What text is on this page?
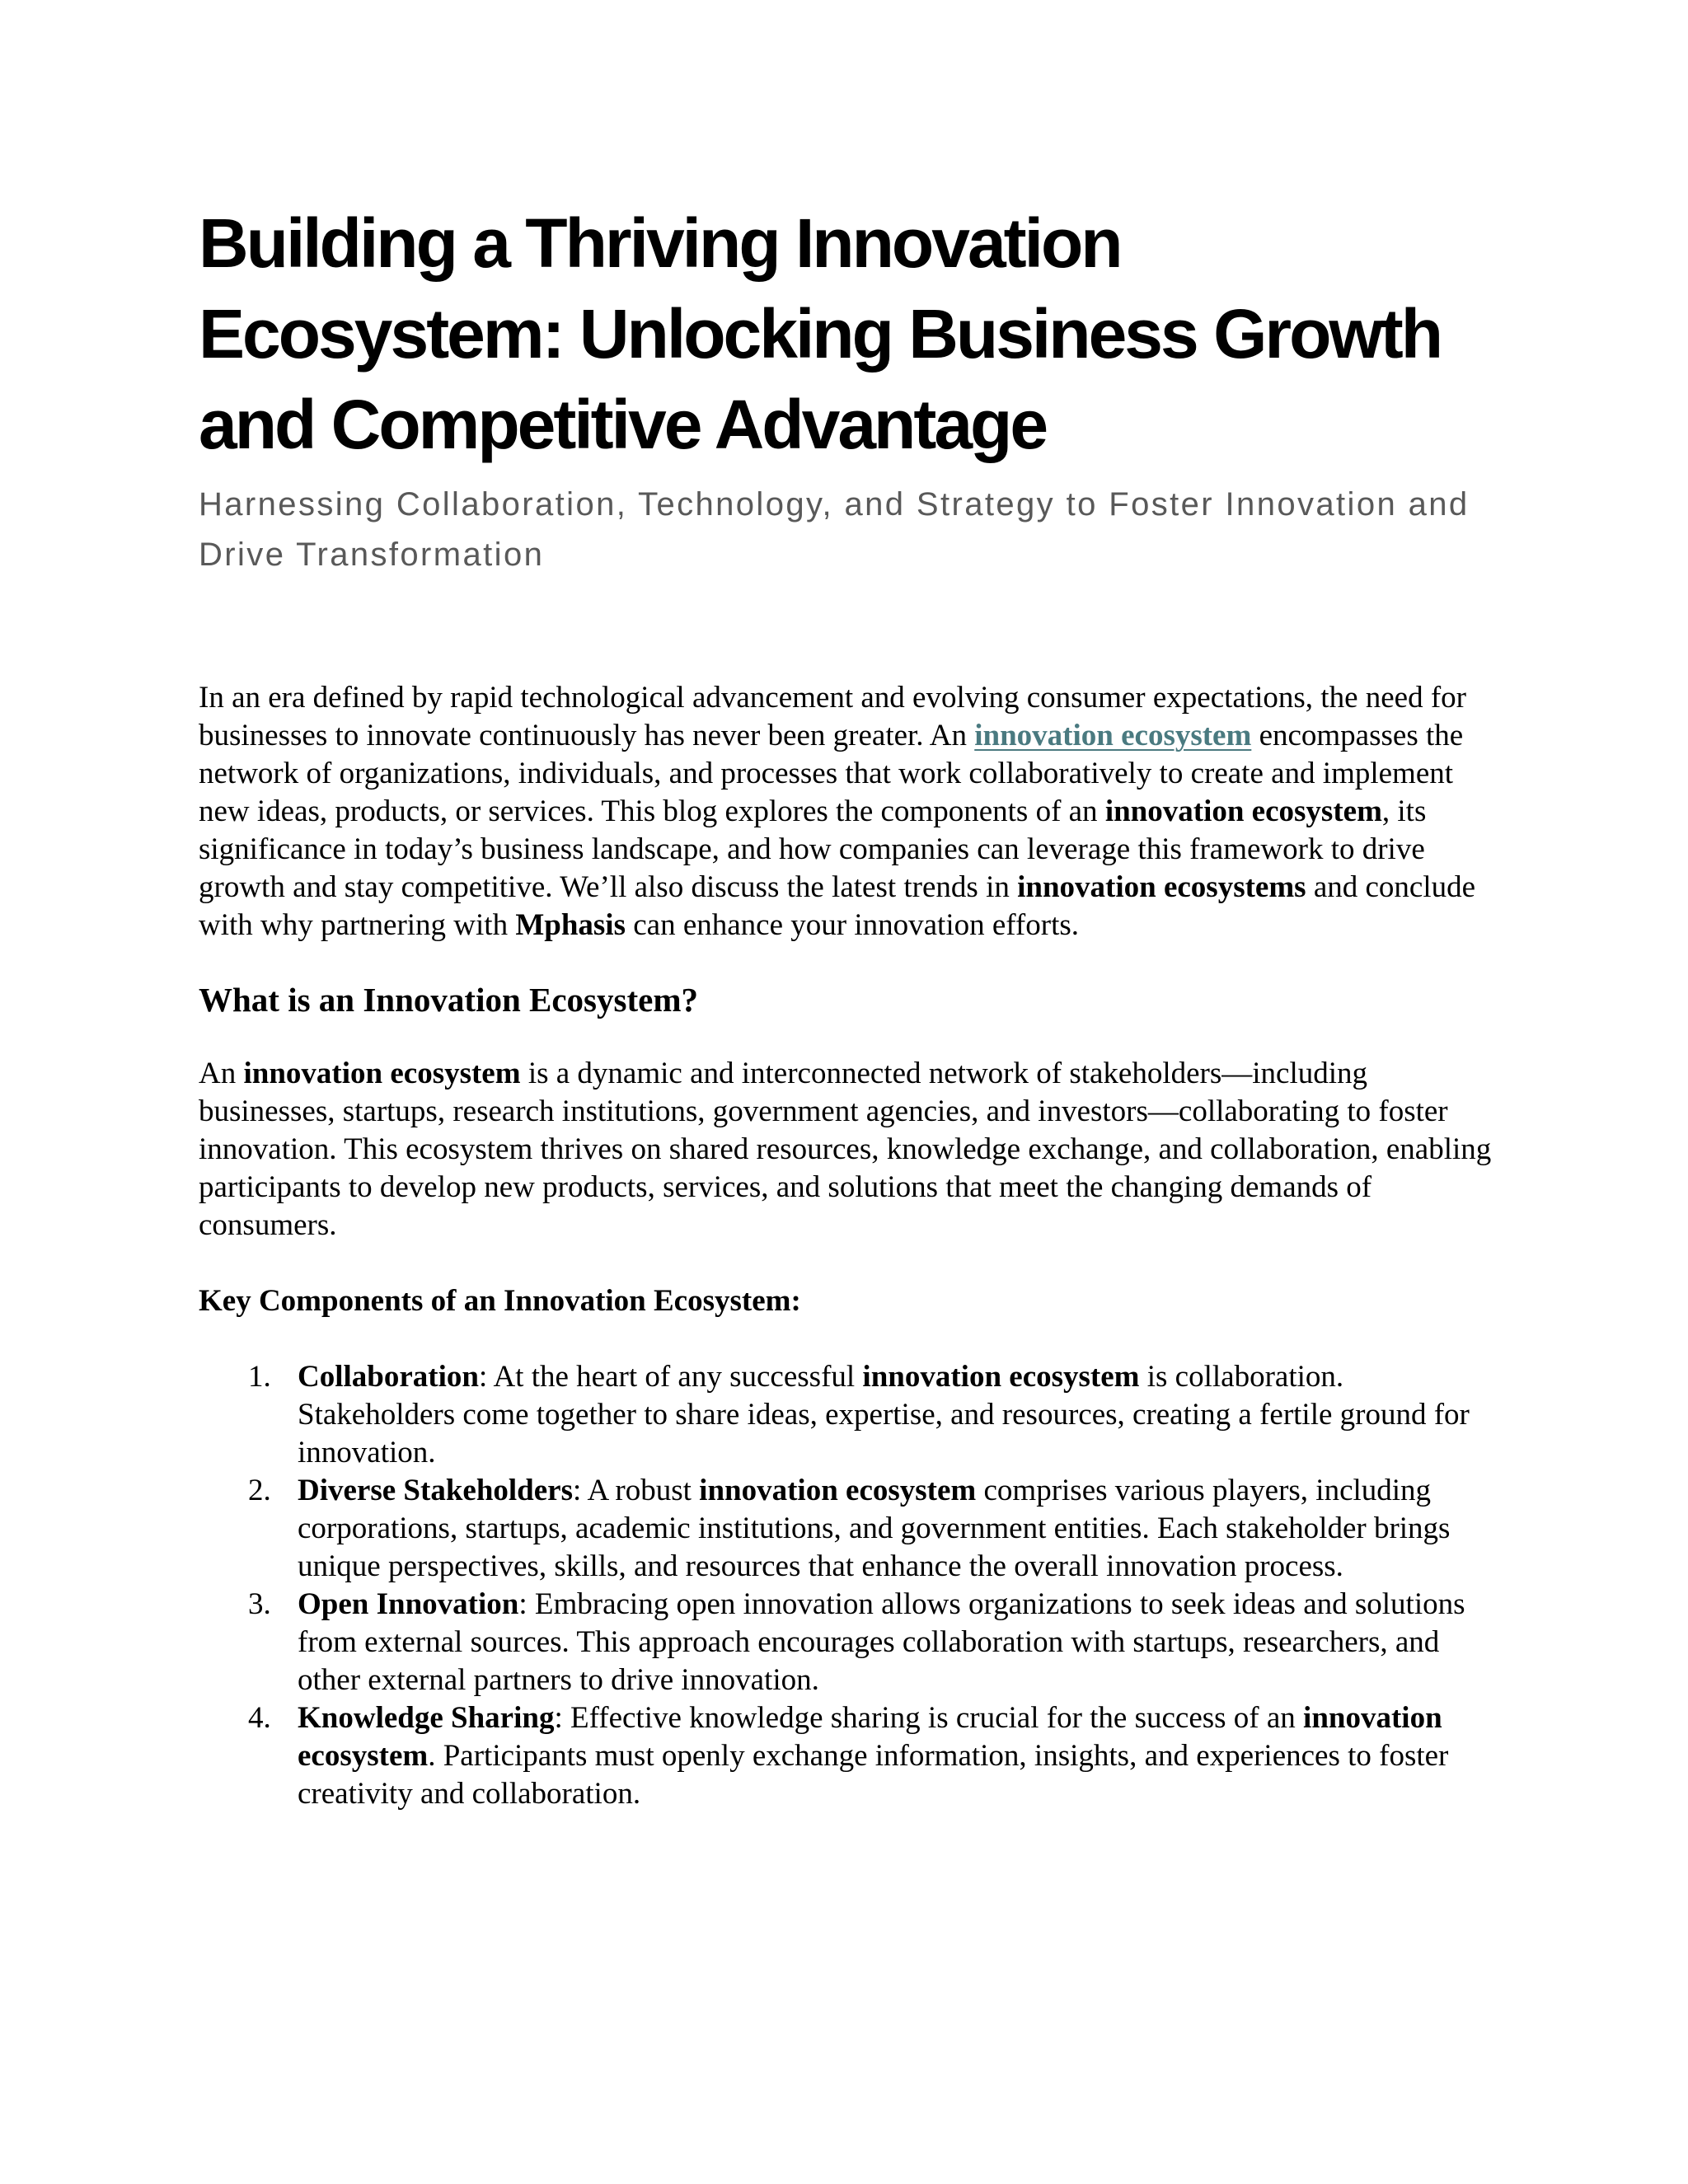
Building a Thriving Innovation Ecosystem: Unlocking Business Growth and Competitive Advantage

Harnessing Collaboration, Technology, and Strategy to Foster Innovation and Drive Transformation

In an era defined by rapid technological advancement and evolving consumer expectations, the need for businesses to innovate continuously has never been greater. An innovation ecosystem encompasses the network of organizations, individuals, and processes that work collaboratively to create and implement new ideas, products, or services. This blog explores the components of an innovation ecosystem, its significance in today’s business landscape, and how companies can leverage this framework to drive growth and stay competitive. We’ll also discuss the latest trends in innovation ecosystems and conclude with why partnering with Mphasis can enhance your innovation efforts.

What is an Innovation Ecosystem?

An innovation ecosystem is a dynamic and interconnected network of stakeholders—including businesses, startups, research institutions, government agencies, and investors—collaborating to foster innovation. This ecosystem thrives on shared resources, knowledge exchange, and collaboration, enabling participants to develop new products, services, and solutions that meet the changing demands of consumers.

Key Components of an Innovation Ecosystem:
1. Collaboration: At the heart of any successful innovation ecosystem is collaboration. Stakeholders come together to share ideas, expertise, and resources, creating a fertile ground for innovation.
2. Diverse Stakeholders: A robust innovation ecosystem comprises various players, including corporations, startups, academic institutions, and government entities. Each stakeholder brings unique perspectives, skills, and resources that enhance the overall innovation process.
3. Open Innovation: Embracing open innovation allows organizations to seek ideas and solutions from external sources. This approach encourages collaboration with startups, researchers, and other external partners to drive innovation.
4. Knowledge Sharing: Effective knowledge sharing is crucial for the success of an innovation ecosystem. Participants must openly exchange information, insights, and experiences to foster creativity and collaboration.
